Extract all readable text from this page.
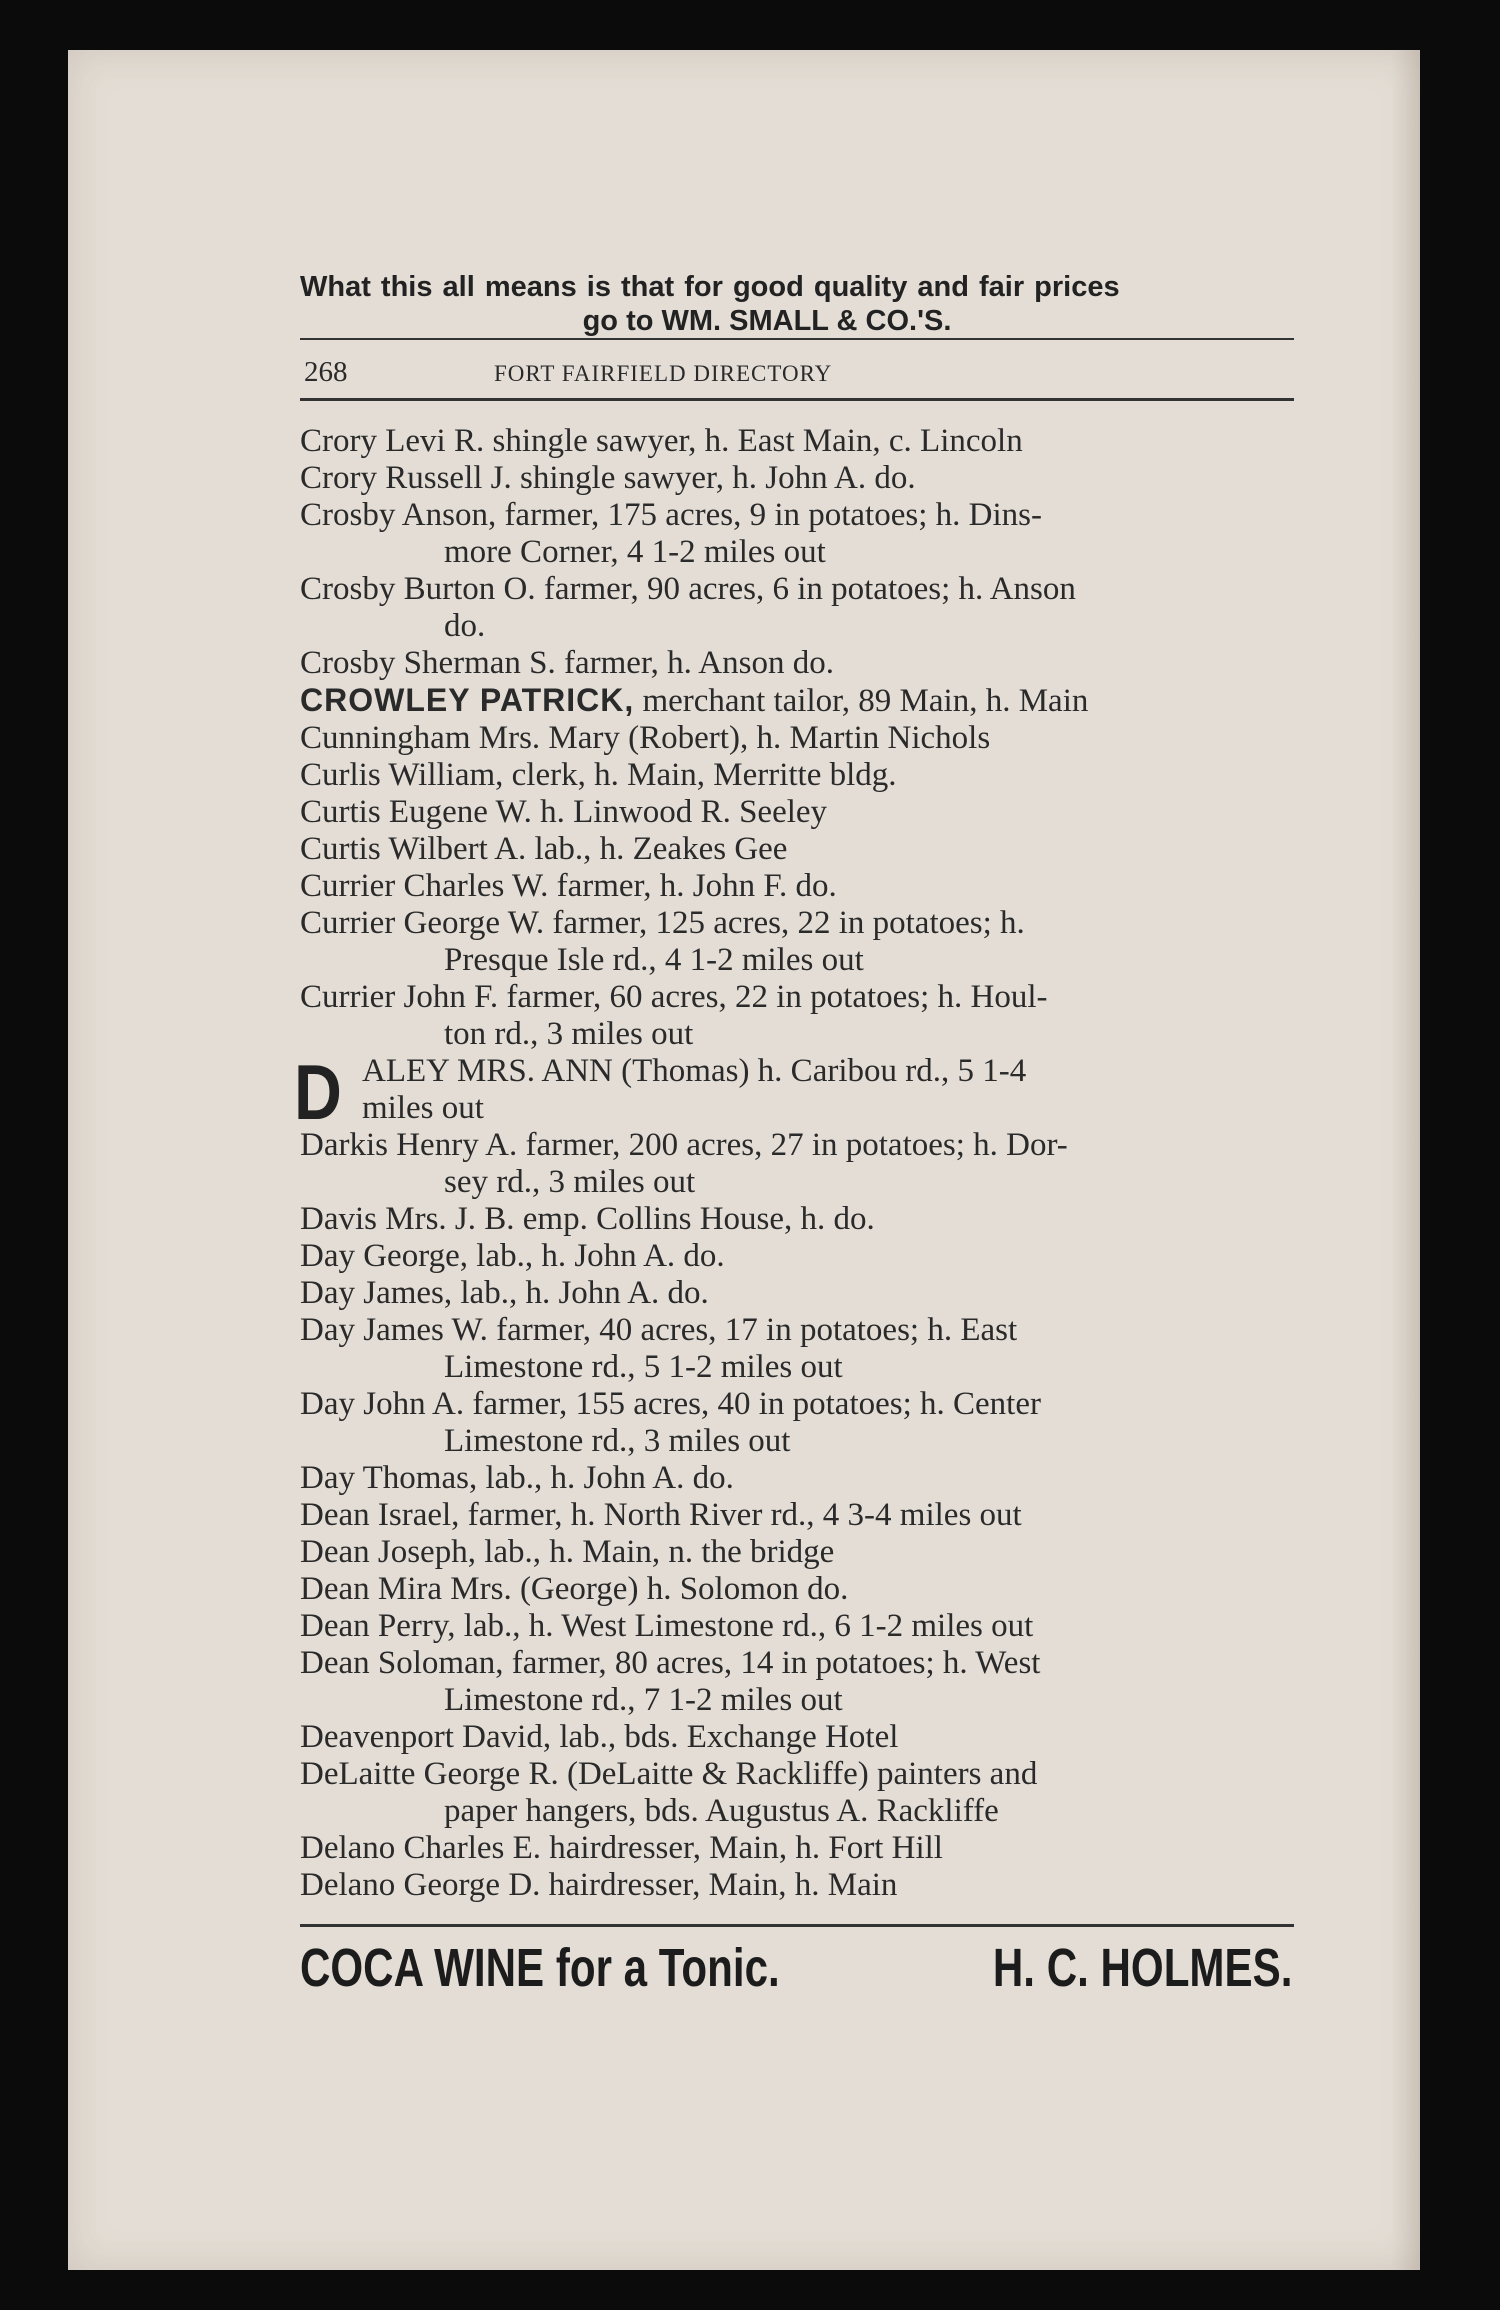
What this all means is that for good quality and fair prices
go to WM. SMALL & CO.'S.
268	FORT FAIRFIELD DIRECTORY
Crory Levi R. shingle sawyer, h. East Main, c. Lincoln
Crory Russell J. shingle sawyer, h. John A. do.
Crosby Anson, farmer, 175 acres, 9 in potatoes; h. Dins-
more Corner, 4 1-2 miles out
Crosby Burton O. farmer, 90 acres, 6 in potatoes; h. Anson
do.
Crosby Sherman S. farmer, h. Anson do.
CROWLEY PATRICK, merchant tailor, 89 Main, h. Main
Cunningham Mrs. Mary (Robert), h. Martin Nichols
Curlis William, clerk, h. Main, Merritte bldg.
Curtis Eugene W. h. Linwood R. Seeley
Curtis Wilbert A. lab., h. Zeakes Gee
Currier Charles W. farmer, h. John F. do.
Currier George W. farmer, 125 acres, 22 in potatoes; h.
Presque Isle rd., 4 1-2 miles out
Currier John F. farmer, 60 acres, 22 in potatoes; h. Houl-
ton rd., 3 miles out
D ALEY MRS. ANN (Thomas) h. Caribou rd., 5 1-4
miles out
Darkis Henry A. farmer, 200 acres, 27 in potatoes; h. Dor-
sey rd., 3 miles out
Davis Mrs. J. B. emp. Collins House, h. do.
Day George, lab., h. John A. do.
Day James, lab., h. John A. do.
Day James W. farmer, 40 acres, 17 in potatoes; h. East
Limestone rd., 5 1-2 miles out
Day John A. farmer, 155 acres, 40 in potatoes; h. Center
Limestone rd., 3 miles out
Day Thomas, lab., h. John A. do.
Dean Israel, farmer, h. North River rd., 4 3-4 miles out
Dean Joseph, lab., h. Main, n. the bridge
Dean Mira Mrs. (George) h. Solomon do.
Dean Perry, lab., h. West Limestone rd., 6 1-2 miles out
Dean Soloman, farmer, 80 acres, 14 in potatoes; h. West
Limestone rd., 7 1-2 miles out
Deavenport David, lab., bds. Exchange Hotel
DeLaitte George R. (DeLaitte & Rackliffe) painters and
paper hangers, bds. Augustus A. Rackliffe
Delano Charles E. hairdresser, Main, h. Fort Hill
Delano George D. hairdresser, Main, h. Main
COCA WINE for a Tonic.	H. C. HOLMES.
